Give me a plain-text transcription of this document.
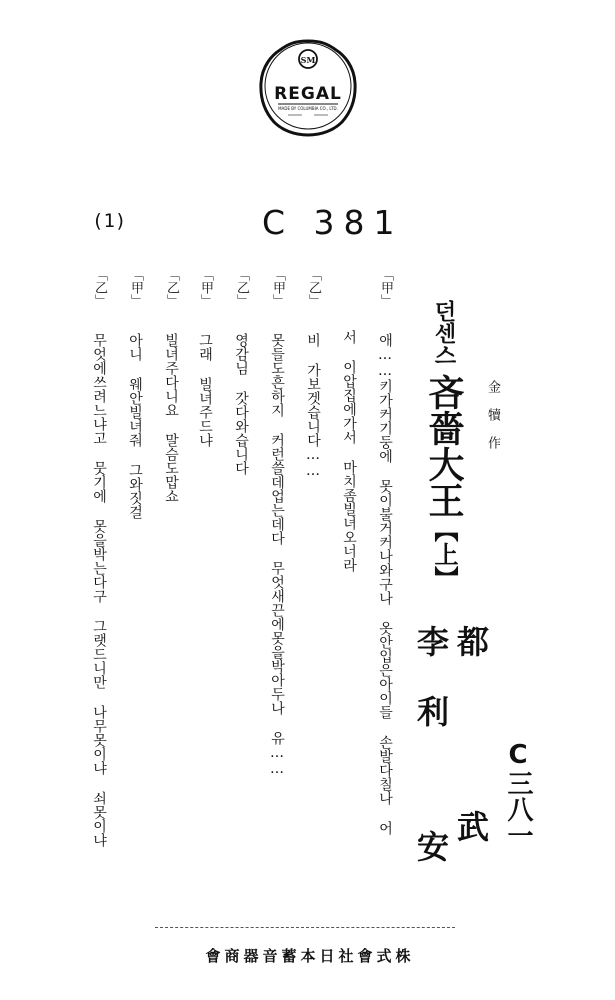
SM
REGAL
MADE BY COLUMBIA CO., LTD.
(1)	C 381
C三八一
都
李 利
武
安
던센스吝嗇大王【上】
金 犢 作
「甲」애……키가커기둥에 못이불거커나와구나 옷안입은아이들 손발다칠나 어
서 이압집에가서 마치좀빌녀오너라
「乙」비 가보겟습니다……
「甲」못들도흔하지 커런쓸데업는데다 무엇새끈에못을박아두나 유……
「乙」영감님 갓다와습니다
「甲」그래 빌녀주드냐
「乙」빌녀주다니요 말슴도맙쇼
「甲」아니 웨안빌녀줘 그와짓걸
「乙」무엇에쓰려느냐고 뭇기에 못을박는다구 그랫드니만 나무못이냐 쇠못이냐
會商器音蓄本日社會式株
